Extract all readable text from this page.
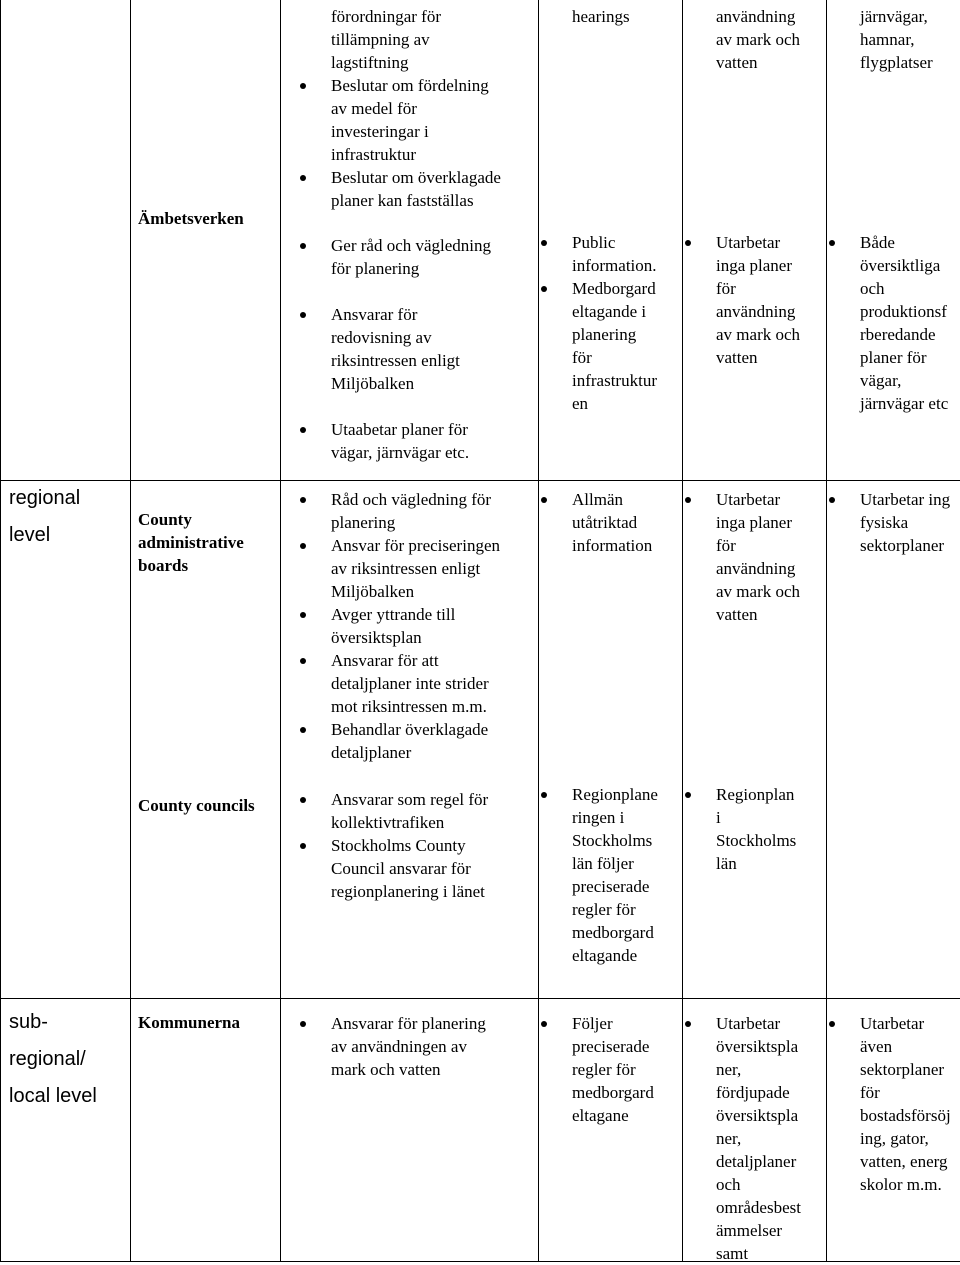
Ämbetsverken
förordningar för
tillämpning av
lagstiftning
Beslutar om fördelning
av medel för
investeringar i
infrastruktur
Beslutar om överklagade
planer kan fastställas
Ger råd och vägledning
för planering
Ansvarar för
redovisning av
riksintressen enligt
Miljöbalken
Utaabetar planer för
vägar, järnvägar etc.
hearings
Public
information.
Medborgard
eltagande i
planering
för
infrastruktur
en
användning
av mark och
vatten
Utarbetar
inga planer
för
användning
av mark och
vatten
järnvägar,
hamnar,
flygplatser
Både
översiktliga
och
produktionsf
rberedande
planer för
vägar,
järnvägar etc
regional
level
County
administrative
boards
Råd och vägledning för
planering
Ansvar för preciseringen
av riksintressen enligt
Miljöbalken
Avger yttrande till
översiktsplan
Ansvarar för att
detaljplaner inte strider
mot riksintressen m.m.
Behandlar överklagade
detaljplaner
Allmän
utåtriktad
information
Utarbetar
inga planer
för
användning
av mark och
vatten
Utarbetar ing
fysiska
sektorplaner
County councils	Ansvarar som regel för
kollektivtrafiken
Stockholms County
Council ansvarar för
regionplanering i länet
Regionplane
ringen i
Stockholms
län följer
preciserade
regler för
medborgard
eltagande
Regionplan
i
Stockholms
län
sub-
regional/
local level
Kommunerna	Ansvarar för planering
av användningen av
mark och vatten
Följer
preciserade
regler för
medborgard
eltagane
Utarbetar
översiktspla
ner,
fördjupade
översiktspla
ner,
detaljplaner
och
områdesbest
ämmelser
samt
Utarbetar
även
sektorplaner
för
bostadsförsöj
ing, gator,
vatten, energ
skolor m.m.
